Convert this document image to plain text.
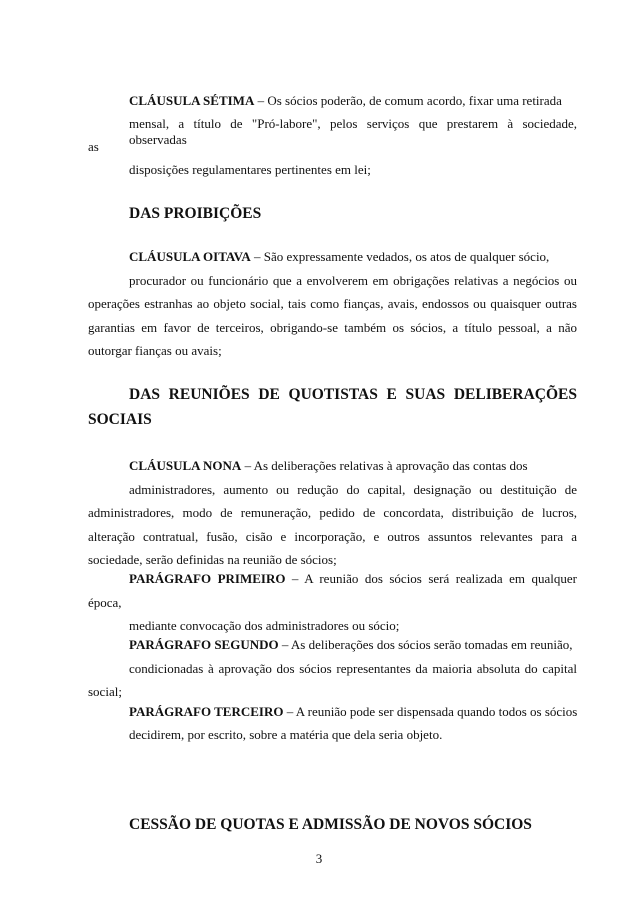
CLÁUSULA SÉTIMA – Os sócios poderão, de comum acordo, fixar uma retirada
mensal, a título de "Pró-labore", pelos serviços que prestarem à sociedade, observadas
as
disposições regulamentares pertinentes em lei;
DAS PROIBIÇÕES
CLÁUSULA OITAVA – São expressamente vedados, os atos de qualquer sócio,
procurador ou funcionário que a envolverem em obrigações relativas a negócios ou
operações estranhas ao objeto social, tais como fianças, avais, endossos ou quaisquer outras
garantias em favor de terceiros, obrigando-se também os sócios, a título pessoal, a não
outorgar fianças ou avais;
DAS REUNIÕES DE QUOTISTAS E SUAS DELIBERAÇÕES
SOCIAIS
CLÁUSULA NONA – As deliberações relativas à aprovação das contas dos
administradores, aumento ou redução do capital, designação ou destituição de
administradores, modo de remuneração, pedido de concordata, distribuição de lucros,
alteração contratual, fusão, cisão e incorporação, e outros assuntos relevantes para a
sociedade, serão definidas na reunião de sócios;
PARÁGRAFO PRIMEIRO – A reunião dos sócios será realizada em qualquer
época,
mediante convocação dos administradores ou sócio;
PARÁGRAFO SEGUNDO – As deliberações dos sócios serão tomadas em reunião,
condicionadas à aprovação dos sócios representantes da maioria absoluta do capital
social;
PARÁGRAFO TERCEIRO – A reunião pode ser dispensada quando todos os sócios
decidirem, por escrito, sobre a matéria que dela seria objeto.
CESSÃO DE QUOTAS E ADMISSÃO DE NOVOS SÓCIOS
3
